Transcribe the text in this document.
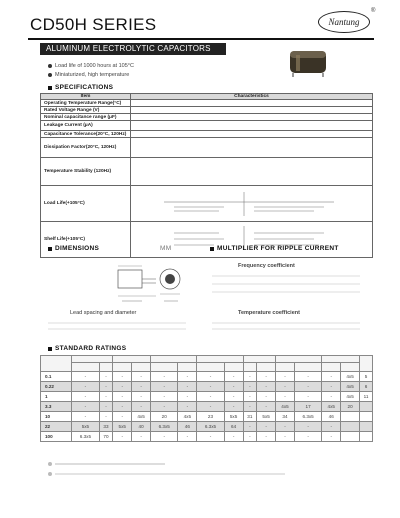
CD50H SERIES	Nantung
®
ALUMINUM ELECTROLYTIC CAPACITORS
Load life of 1000 hours at 105°C
Miniaturized, high temperature
SPECIFICATIONS
Item	Characteristics
Operating Temperature Range(°C)	
Rated Voltage Range (V)	
Nominal capacitance range (μF)	
Leakage Current (μA)	
Capacitance Tolerance(20°C, 120Hz)	
Dissipation Factor(20°C, 120Hz)	
Temperature Stability (120Hz)	
Load Life(+105°C)	
Shelf Life(+105°C)	
DIMENSIONS	MM	MULTIPLIER FOR RIPPLE CURRENT
Frequency coefficient
Lead spacing and diameter	Temperature coefficient
STANDARD RATINGS

0.1	-	-	-	-	-	-	-	-	-	-	-	-	-	4x5	5
0.22	-	-	-	-	-	-	-	-	-	-	-	-	-	4x5	6
1	-	-	-	-	-	-	-	-	-	-	-	-	-	4x5	11
3.3	-	-	-	-	-	-	-	-	-	-	4x5	17	4x5	20	
10	-	-	-	4x5	20	4x5	23	5x5	31	5x5	34	6.3x5	46		
22	5x5	33	5x5	40	6.3x5	46	6.3x5	64	-	-	-	-	-		
100	6.3x5	70	-	-	-	-	-	-	-	-	-	-	-		
